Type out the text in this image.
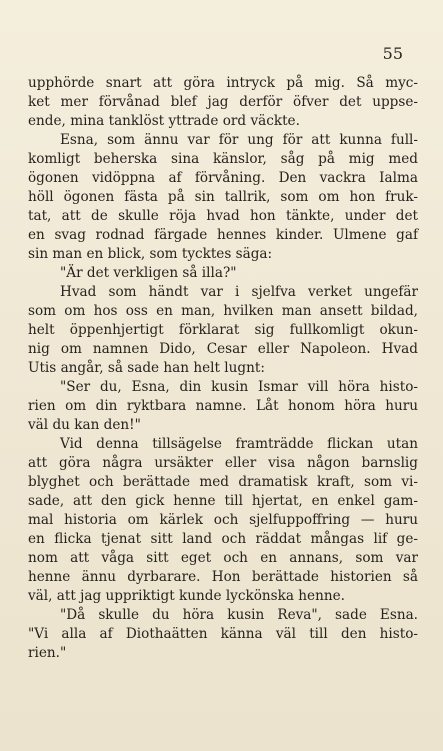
55
upphörde snart att göra intryck på mig. Så myc-
ket mer förvånad blef jag derför öfver det uppse-
ende, mina tanklöst yttrade ord väckte.
Esna, som ännu var för ung för att kunna full-
komligt beherska sina känslor, såg på mig med
ögonen vidöppna af förvåning. Den vackra Ialma
höll ögonen fästa på sin tallrik, som om hon fruk-
tat, att de skulle röja hvad hon tänkte, under det
en svag rodnad färgade hennes kinder. Ulmene gaf
sin man en blick, som tycktes säga:
"Är det verkligen så illa?"
Hvad som händt var i sjelfva verket ungefär
som om hos oss en man, hvilken man ansett bildad,
helt öppenhjertigt förklarat sig fullkomligt okun-
nig om namnen Dido, Cesar eller Napoleon. Hvad
Utis angår, så sade han helt lugnt:
"Ser du, Esna, din kusin Ismar vill höra histo-
rien om din ryktbara namne. Låt honom höra huru
väl du kan den!"
Vid denna tillsägelse framträdde flickan utan
att göra några ursäkter eller visa någon barnslig
blyghet och berättade med dramatisk kraft, som vi-
sade, att den gick henne till hjertat, en enkel gam-
mal historia om kärlek och sjelfuppoffring — huru
en flicka tjenat sitt land och räddat mångas lif ge-
nom att våga sitt eget och en annans, som var
henne ännu dyrbarare. Hon berättade historien så
väl, att jag uppriktigt kunde lyckönska henne.
"Då skulle du höra kusin Reva", sade Esna.
"Vi alla af Diothaätten känna väl till den histo-
rien."
